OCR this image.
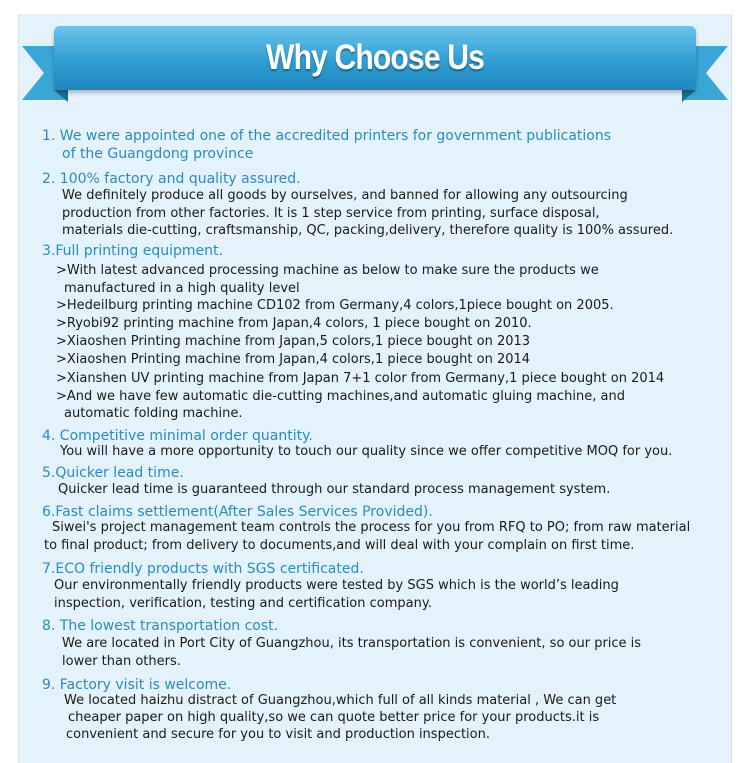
Why Choose Us
1. We were appointed one of the accredited printers for government publications
of the Guangdong province
2. 100% factory and quality assured.
We definitely produce all goods by ourselves, and banned for allowing any outsourcing
production from other factories. It is 1 step service from printing, surface disposal,
materials die-cutting, craftsmanship, QC, packing,delivery, therefore quality is 100% assured.
3.Full printing equipment.
>With latest advanced processing machine as below to make sure the products we
manufactured in a high quality level
>Hedeilburg printing machine CD102 from Germany,4 colors,1piece bought on 2005.
>Ryobi92 printing machine from Japan,4 colors, 1 piece bought on 2010.
>Xiaoshen Printing machine from Japan,5 colors,1 piece bought on 2013
>Xiaoshen Printing machine from Japan,4 colors,1 piece bought on 2014
>Xianshen UV printing machine from Japan 7+1 color from Germany,1 piece bought on 2014
>And we have few automatic die-cutting machines,and automatic gluing machine, and
automatic folding machine.
4. Competitive minimal order quantity.
You will have a more opportunity to touch our quality since we offer competitive MOQ for you.
5.Quicker lead time.
Quicker lead time is guaranteed through our standard process management system.
6.Fast claims settlement(After Sales Services Provided).
Siwei's project management team controls the process for you from RFQ to PO; from raw material
to final product; from delivery to documents,and will deal with your complain on first time.
7.ECO friendly products with SGS certificated.
Our environmentally friendly products were tested by SGS which is the world’s leading
inspection, verification, testing and certification company.
8. The lowest transportation cost.
We are located in Port City of Guangzhou, its transportation is convenient, so our price is
lower than others.
9. Factory visit is welcome.
We located haizhu distract of Guangzhou,which full of all kinds material , We can get
cheaper paper on high quality,so we can quote better price for your products.it is
convenient and secure for you to visit and production inspection.
